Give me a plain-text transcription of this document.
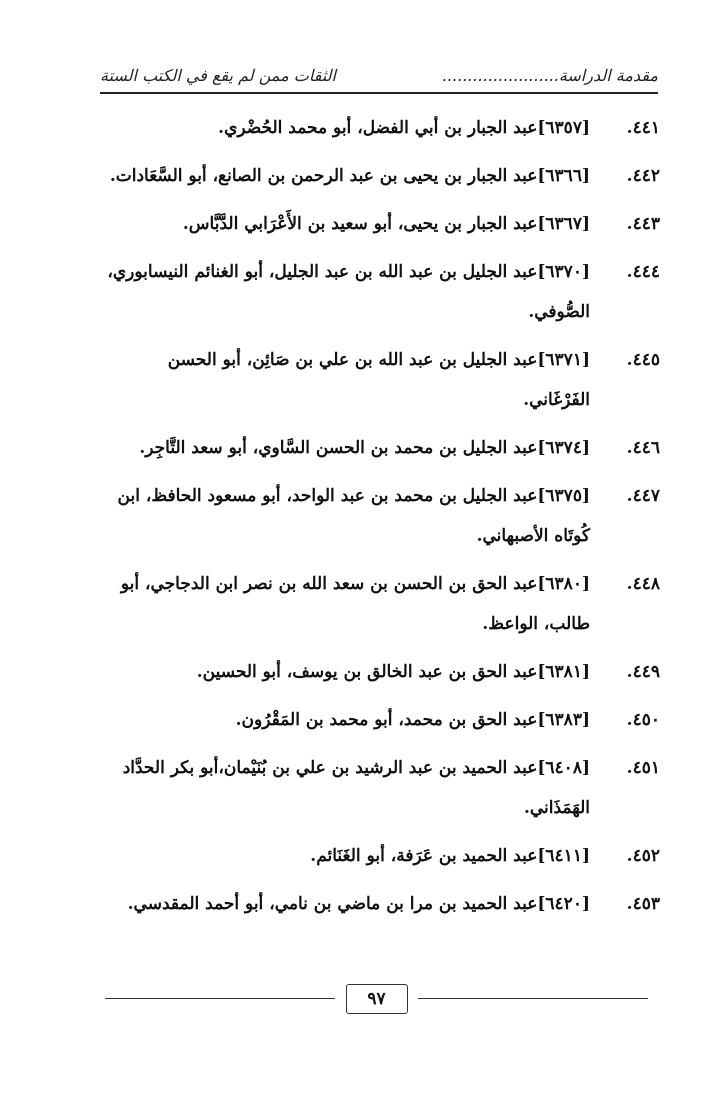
مقدمة الدراسة.......................
الثقات ممن لم يقع في الكتب الستة
٤٤١.
[٦٣٥٧]عبد الجبار بن أبي الفضل، أبو محمد الحُضْري.
٤٤٢.
[٦٣٦٦]عبد الجبار بن يحيى بن عبد الرحمن بن الصانع، أبو السَّعَادات.
٤٤٣.
[٦٣٦٧]عبد الجبار بن يحيى، أبو سعيد بن الأَعْرَابي الدَّبَّاس.
٤٤٤.
[٦٣٧٠]عبد الجليل بن عبد الله بن عبد الجليل، أبو الغنائم النيسابوري، الصُّوفي.
٤٤٥.
[٦٣٧١]عبد الجليل بن عبد الله بن علي بن صَائِن، أبو الحسن الفَرْغَاني.
٤٤٦.
[٦٣٧٤]عبد الجليل بن محمد بن الحسن السَّاوي، أبو سعد التَّاجِر.
٤٤٧.
[٦٣٧٥]عبد الجليل بن محمد بن عبد الواحد، أبو مسعود الحافظ، ابن كُوتَاه الأصبهاني.
٤٤٨.
[٦٣٨٠]عبد الحق بن الحسن بن سعد الله بن نصر ابن الدجاجي، أبو طالب، الواعظ.
٤٤٩.
[٦٣٨١]عبد الحق بن عبد الخالق بن يوسف، أبو الحسين.
٤٥٠.
[٦٣٨٣]عبد الحق بن محمد، أبو محمد بن المَقْرُون.
٤٥١.
[٦٤٠٨]عبد الحميد بن عبد الرشيد بن علي بن بُنَيْمان،أبو بكر الحدَّاد الهَمَذَاني.
٤٥٢.
[٦٤١١]عبد الحميد بن عَرَفة، أبو الغَنَائم.
٤٥٣.
[٦٤٢٠]عبد الحميد بن مرا بن ماضي بن نامي، أبو أحمد المقدسي.
٩٧
